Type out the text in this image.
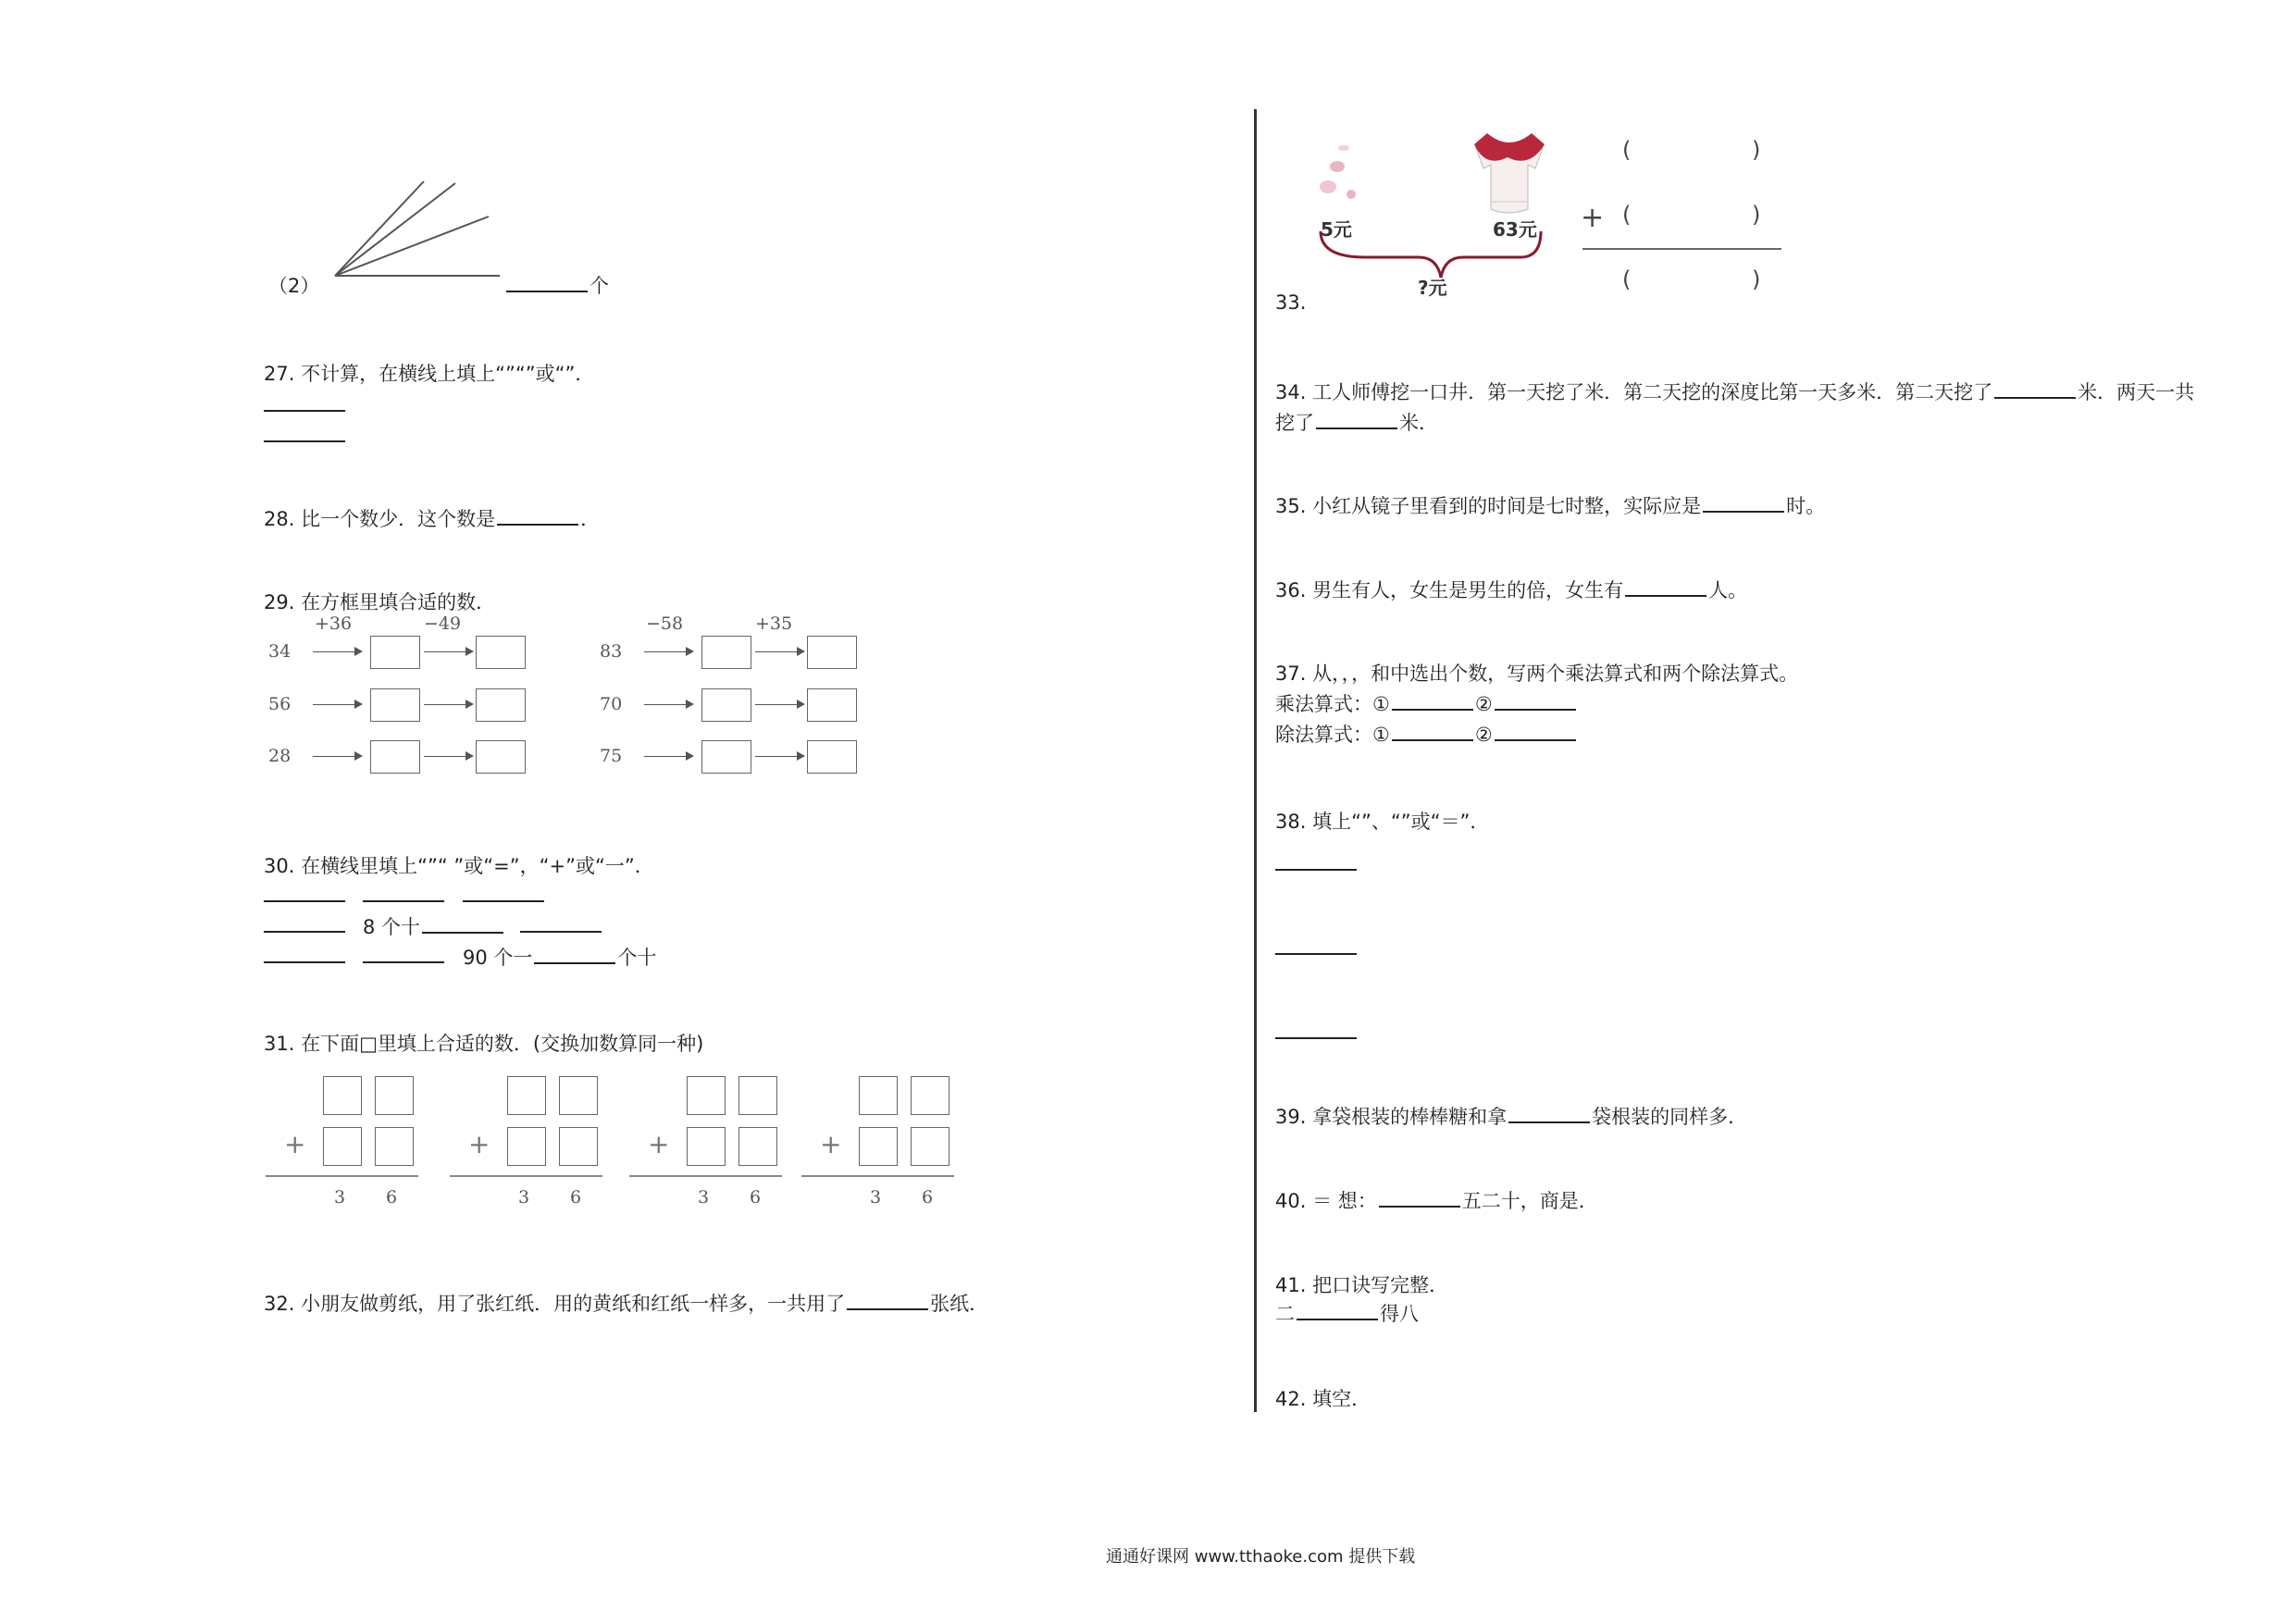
（2）	个
27. 不计算，在横线上填上“”“”或“”．
28. 比一个数少．这个数是	．
29. 在方框里填合适的数．
+36	−49
34
56
28
−58	+35
83
70
75
30. 在横线里填上“”“ ”或“=”，“+”或“一”．
8 个十
90 个一	个十
31. 在下面□里填上合适的数．(交换加数算同一种)
+
3 6
+
3 6
+
3 6
+
3 6
32. 小朋友做剪纸，用了张红纸．用的黄纸和红纸一样多，一共用了	张纸．
5元	63元
?元
(	)
+ (	)
(	)
33.
34. 工人师傅挖一口井．第一天挖了米．第二天挖的深度比第一天多米．第二天挖了	米．两天一共
挖了	米．
35. 小红从镜子里看到的时间是七时整，实际应是	时。
36. 男生有人，女生是男生的倍，女生有	人。
37. 从，，，和中选出个数，写两个乘法算式和两个除法算式。
乘法算式：①	②
除法算式：①	②
38. 填上“”、“”或“＝”．
39. 拿袋根装的棒棒糖和拿	袋根装的同样多．
40. ＝ 想：	五二十，商是．
41. 把口诀写完整．
二	得八
42. 填空．
通通好课网 www.tthaoke.com 提供下载
